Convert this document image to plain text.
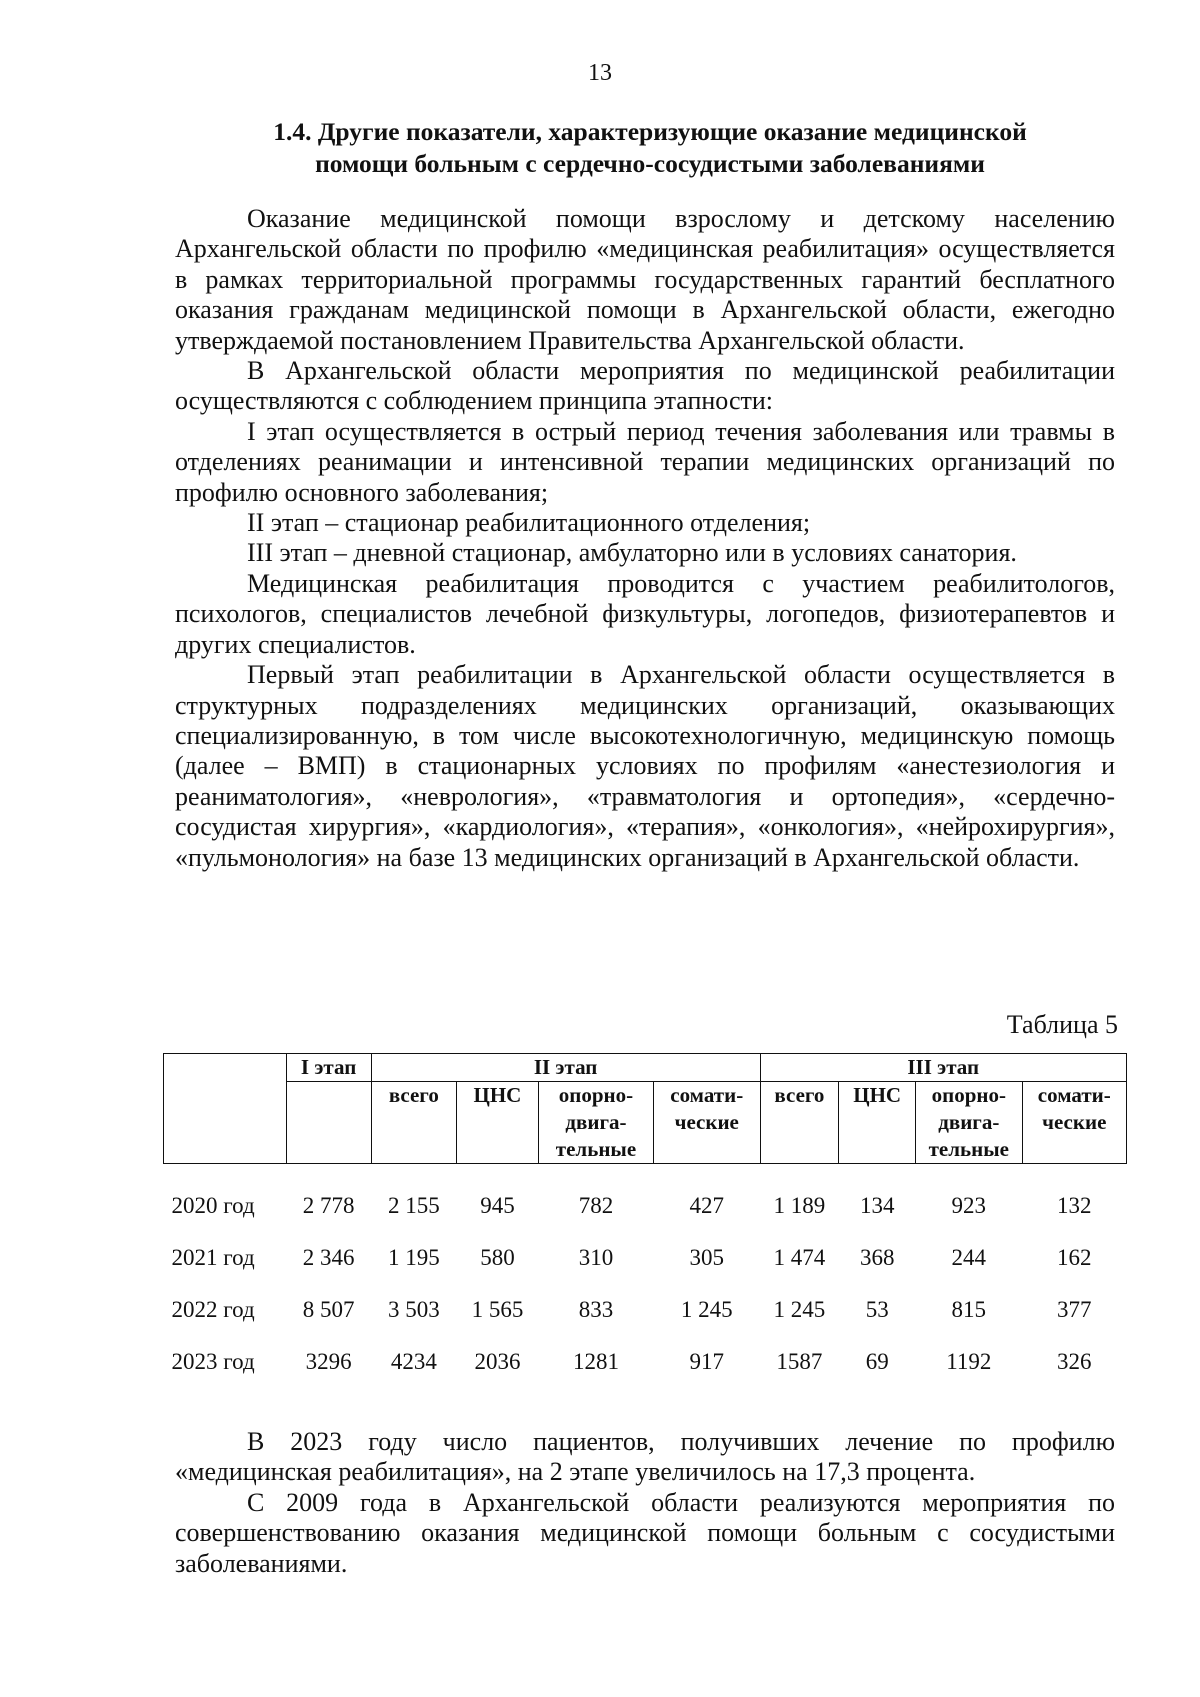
13
1.4. Другие показатели, характеризующие оказание медицинской
помощи больным с сердечно-сосудистыми заболеваниями

Оказание медицинской помощи взрослому и детскому населению Архангельской области по профилю «медицинская реабилитация» осуществляется в рамках территориальной программы государственных гарантий бесплатного оказания гражданам медицинской помощи в Архангельской области, ежегодно утверждаемой постановлением Правительства Архангельской области.

В Архангельской области мероприятия по медицинской реабилитации осуществляются с соблюдением принципа этапности:

I этап осуществляется в острый период течения заболевания или травмы в отделениях реанимации и интенсивной терапии медицинских организаций по профилю основного заболевания;

II этап – стационар реабилитационного отделения;

III этап – дневной стационар, амбулаторно или в условиях санатория.

Медицинская реабилитация проводится с участием реабилитологов, психологов, специалистов лечебной физкультуры, логопедов, физиотерапевтов и других специалистов.

Первый этап реабилитации в Архангельской области осуществляется в структурных подразделениях медицинских организаций, оказывающих специализированную, в том числе высокотехнологичную, медицинскую помощь (далее – ВМП) в стационарных условиях по профилям «анестезиология и реаниматология», «неврология», «травматология и ортопедия», «сердечно-сосудистая хирургия», «кардиология», «терапия», «онкология», «нейрохирургия», «пульмонология» на базе 13 медицинских организаций в Архангельской области.

Таблица 5
	I этап	II этап				III этап			
		всего	ЦНС	опорно-двига-тельные	сомати-ческие	всего	ЦНС	опорно-двига-тельные	сомати-ческие

2020 год	2 778	2 155	945	782	427	1 189	134	923	132
2021 год	2 346	1 195	580	310	305	1 474	368	244	162
2022 год	8 507	3 503	1 565	833	1 245	1 245	53	815	377
2023 год	3296	4234	2036	1281	917	1587	69	1192	326

В 2023 году число пациентов, получивших лечение по профилю «медицинская реабилитация», на 2 этапе увеличилось на 17,3 процента.

С 2009 года в Архангельской области реализуются мероприятия по совершенствованию оказания медицинской помощи больным с сосудистыми заболеваниями.
